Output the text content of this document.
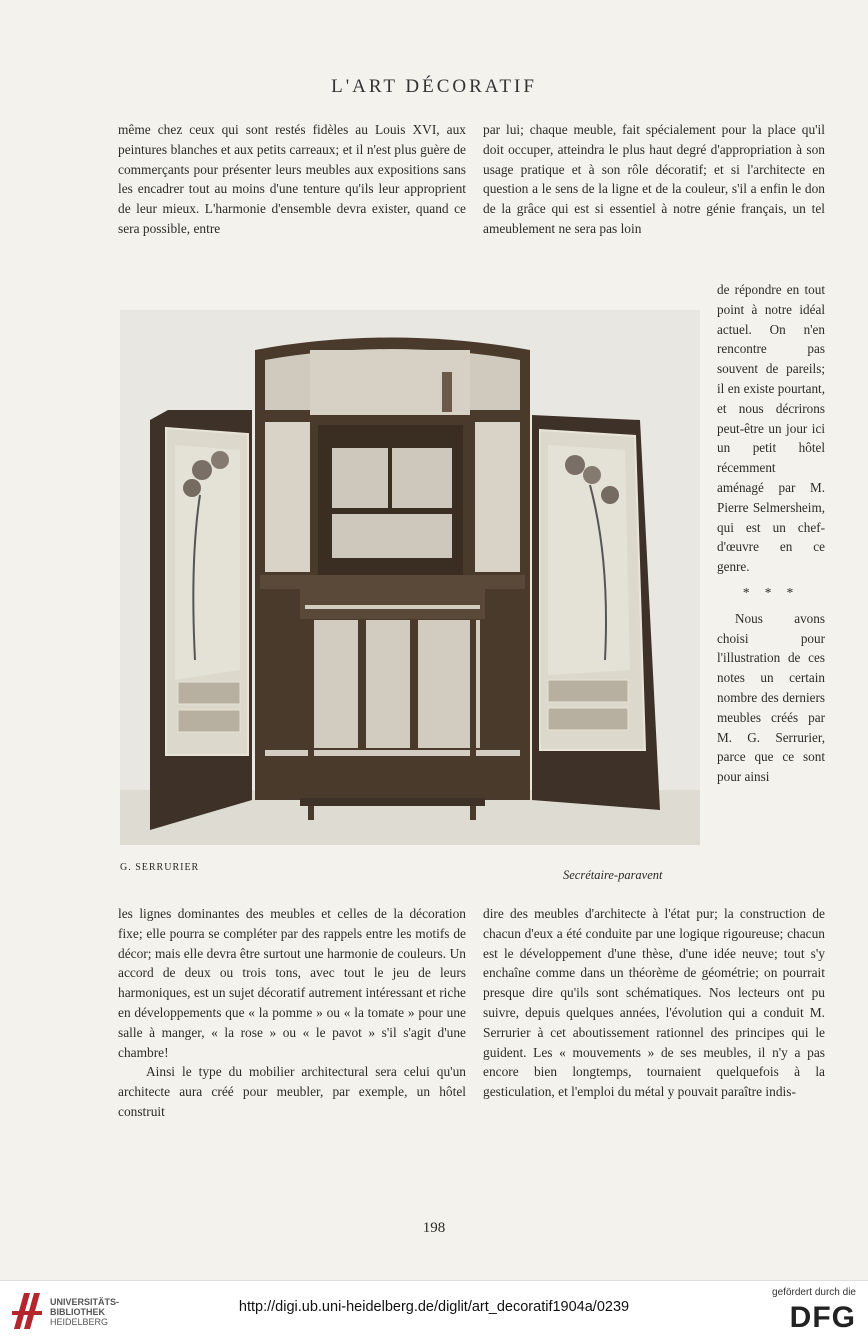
L'ART DÉCORATIF

même chez ceux qui sont restés fidèles au Louis XVI, aux peintures blanches et aux petits carreaux; et il n'est plus guère de commerçants pour présenter leurs meubles aux expositions sans les encadrer tout au moins d'une tenture qu'ils leur approprient de leur mieux. L'harmonie d'ensemble devra exister, quand ce sera possible, entre

par lui; chaque meuble, fait spécialement pour la place qu'il doit occuper, atteindra le plus haut degré d'appropriation à son usage pratique et à son rôle décoratif; et si l'architecte en question a le sens de la ligne et de la couleur, s'il a enfin le don de la grâce qui est si essentiel à notre génie français, un tel ameublement ne sera pas loin

de répondre en tout point à notre idéal actuel. On n'en rencontre pas souvent de pareils; il en existe pourtant, et nous décrirons peut-être un jour ici un petit hôtel récemment aménagé par M. Pierre Selmersheim, qui est un chef-d'œuvre en ce genre.

* * *

Nous avons choisi pour l'illustration de ces notes un certain nombre des derniers meubles créés par M. G. Serrurier, parce que ce sont pour ainsi

G. SERRURIER
Secrétaire-paravent

les lignes dominantes des meubles et celles de la décoration fixe; elle pourra se compléter par des rappels entre les motifs de décor; mais elle devra être surtout une harmonie de couleurs. Un accord de deux ou trois tons, avec tout le jeu de leurs harmoniques, est un sujet décoratif autrement intéressant et riche en développements que « la pomme » ou « la tomate » pour une salle à manger, « la rose » ou « le pavot » s'il s'agit d'une chambre!

Ainsi le type du mobilier architectural sera celui qu'un architecte aura créé pour meubler, par exemple, un hôtel construit

dire des meubles d'architecte à l'état pur; la construction de chacun d'eux a été conduite par une logique rigoureuse; chacun est le développement d'une thèse, d'une idée neuve; tout s'y enchaîne comme dans un théorème de géométrie; on pourrait presque dire qu'ils sont schématiques. Nos lecteurs ont pu suivre, depuis quelques années, l'évolution qui a conduit M. Serrurier à cet aboutissement rationnel des principes qui le guident. Les « mouvements » de ses meubles, il n'y a pas encore bien longtemps, tournaient quelquefois à la gesticulation, et l'emploi du métal y pouvait paraître indis-

198
UNIVERSITÄTS-
BIBLIOTHEK
HEIDELBERG
http://digi.ub.uni-heidelberg.de/diglit/art_decoratif1904a/0239
gefördert durch die
DFG
